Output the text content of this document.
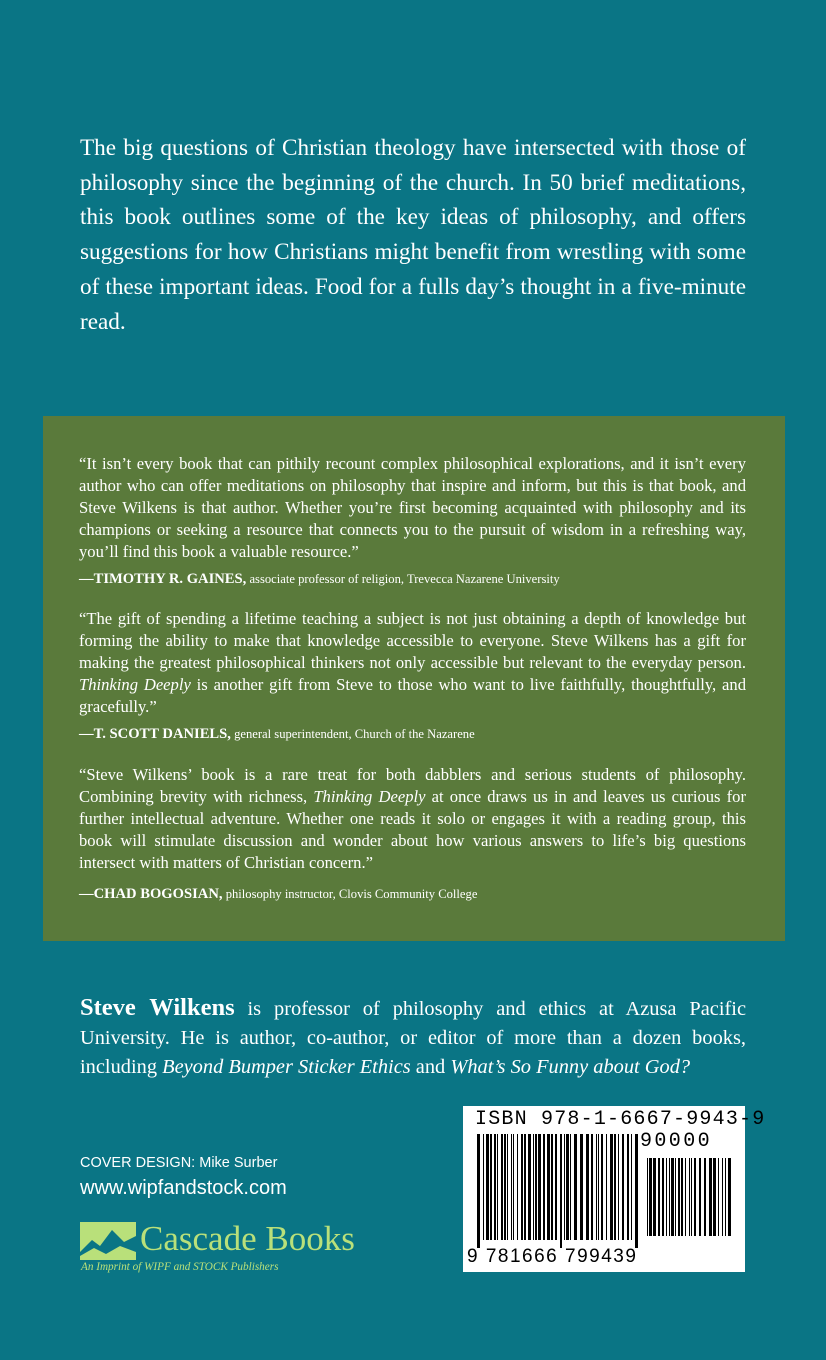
The big questions of Christian theology have intersected with those of philosophy since the beginning of the church. In 50 brief meditations, this book outlines some of the key ideas of philosophy, and offers suggestions for how Christians might benefit from wrestling with some of these important ideas. Food for a fulls day’s thought in a five-minute read.

“It isn’t every book that can pithily recount complex philosophical explorations, and it isn’t every author who can offer meditations on philosophy that inspire and inform, but this is that book, and Steve Wilkens is that author. Whether you’re first becoming acquainted with philosophy and its champions or seeking a resource that connects you to the pursuit of wisdom in a refreshing way, you’ll find this book a valuable resource.”

—TIMOTHY R. GAINES, associate professor of religion, Trevecca Nazarene University

“The gift of spending a lifetime teaching a subject is not just obtaining a depth of knowledge but forming the ability to make that knowledge accessible to everyone. Steve Wilkens has a gift for making the greatest philosophical thinkers not only accessible but relevant to the everyday person. Thinking Deeply is another gift from Steve to those who want to live faithfully, thoughtfully, and gracefully.”

—T. SCOTT DANIELS, general superintendent, Church of the Nazarene

“Steve Wilkens’ book is a rare treat for both dabblers and serious students of philosophy. Combining brevity with richness, Thinking Deeply at once draws us in and leaves us curious for further intellectual adventure. Whether one reads it solo or engages it with a reading group, this book will stimulate discussion and wonder about how various answers to life’s big questions intersect with matters of Christian concern.”

—CHAD BOGOSIAN, philosophy instructor, Clovis Community College

Steve Wilkens is professor of philosophy and ethics at Azusa Pacific University. He is author, co-author, or editor of more than a dozen books, including Beyond Bumper Sticker Ethics and What’s So Funny about God?

COVER DESIGN: Mike Surber
www.wipfandstock.com
Cascade Books
An Imprint of WIPF and STOCK Publishers
ISBN 978-1-6667-9943-9
90000
9 781666 799439
